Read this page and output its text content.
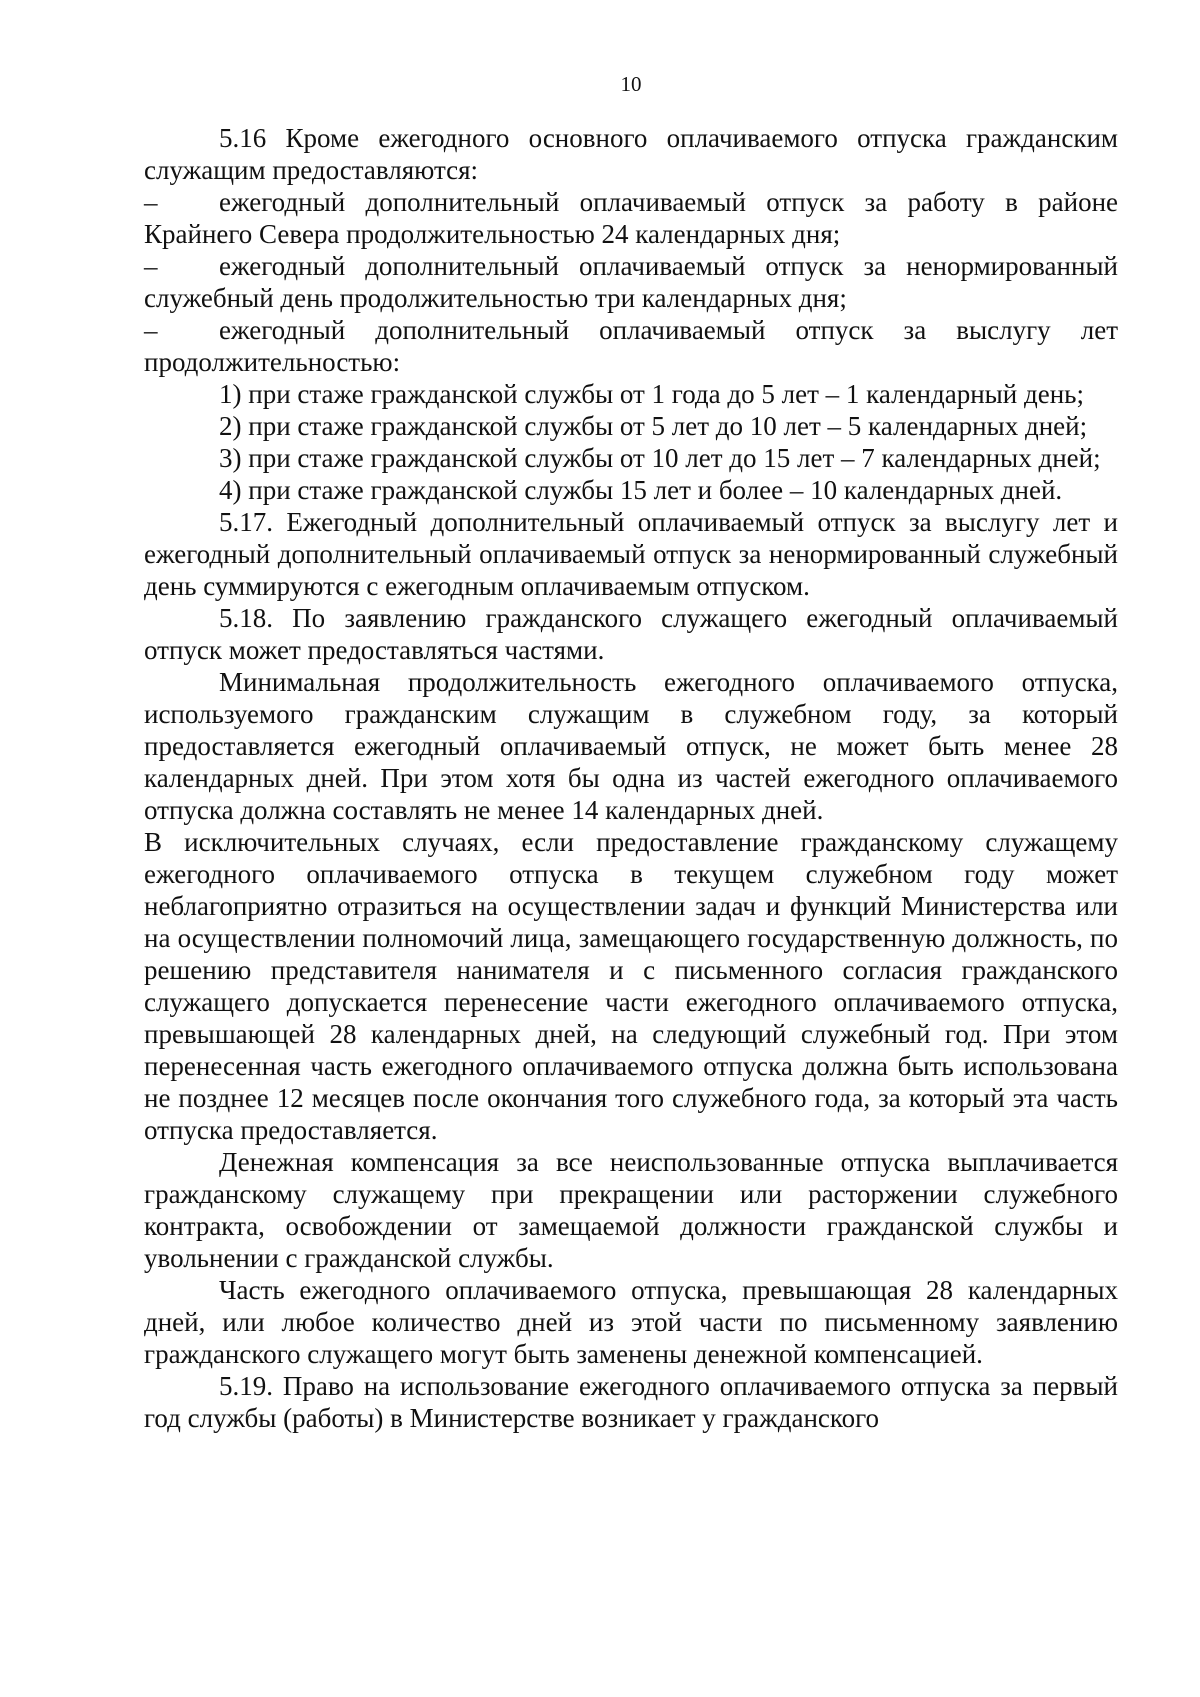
10

5.16 Кроме ежегодного основного оплачиваемого отпуска гражданским служащим предоставляются:

– ежегодный дополнительный оплачиваемый отпуск за работу в районе Крайнего Севера продолжительностью 24 календарных дня;

– ежегодный дополнительный оплачиваемый отпуск за ненормированный служебный день продолжительностью три календарных дня;

– ежегодный дополнительный оплачиваемый отпуск за выслугу лет продолжительностью:

1) при стаже гражданской службы от 1 года до 5 лет – 1 календарный день;

2) при стаже гражданской службы от 5 лет до 10 лет – 5 календарных дней;

3) при стаже гражданской службы от 10 лет до 15 лет – 7 календарных дней;

4) при стаже гражданской службы 15 лет и более – 10 календарных дней.

5.17. Ежегодный дополнительный оплачиваемый отпуск за выслугу лет и ежегодный дополнительный оплачиваемый отпуск за ненормированный служебный день суммируются с ежегодным оплачиваемым отпуском.

5.18. По заявлению гражданского служащего ежегодный оплачиваемый отпуск может предоставляться частями.

Минимальная продолжительность ежегодного оплачиваемого отпуска, используемого гражданским служащим в служебном году, за который предоставляется ежегодный оплачиваемый отпуск, не может быть менее 28 календарных дней. При этом хотя бы одна из частей ежегодного оплачиваемого отпуска должна составлять не менее 14 календарных дней.

В исключительных случаях, если предоставление гражданскому служащему ежегодного оплачиваемого отпуска в текущем служебном году может неблагоприятно отразиться на осуществлении задач и функций Министерства или на осуществлении полномочий лица, замещающего государственную должность, по решению представителя нанимателя и с письменного согласия гражданского служащего допускается перенесение части ежегодного оплачиваемого отпуска, превышающей 28 календарных дней, на следующий служебный год. При этом перенесенная часть ежегодного оплачиваемого отпуска должна быть использована не позднее 12 месяцев после окончания того служебного года, за который эта часть отпуска предоставляется.

Денежная компенсация за все неиспользованные отпуска выплачивается гражданскому служащему при прекращении или расторжении служебного контракта, освобождении от замещаемой должности гражданской службы и увольнении с гражданской службы.

Часть ежегодного оплачиваемого отпуска, превышающая 28 календарных дней, или любое количество дней из этой части по письменному заявлению гражданского служащего могут быть заменены денежной компенсацией.

5.19. Право на использование ежегодного оплачиваемого отпуска за первый год службы (работы) в Министерстве возникает у гражданского
